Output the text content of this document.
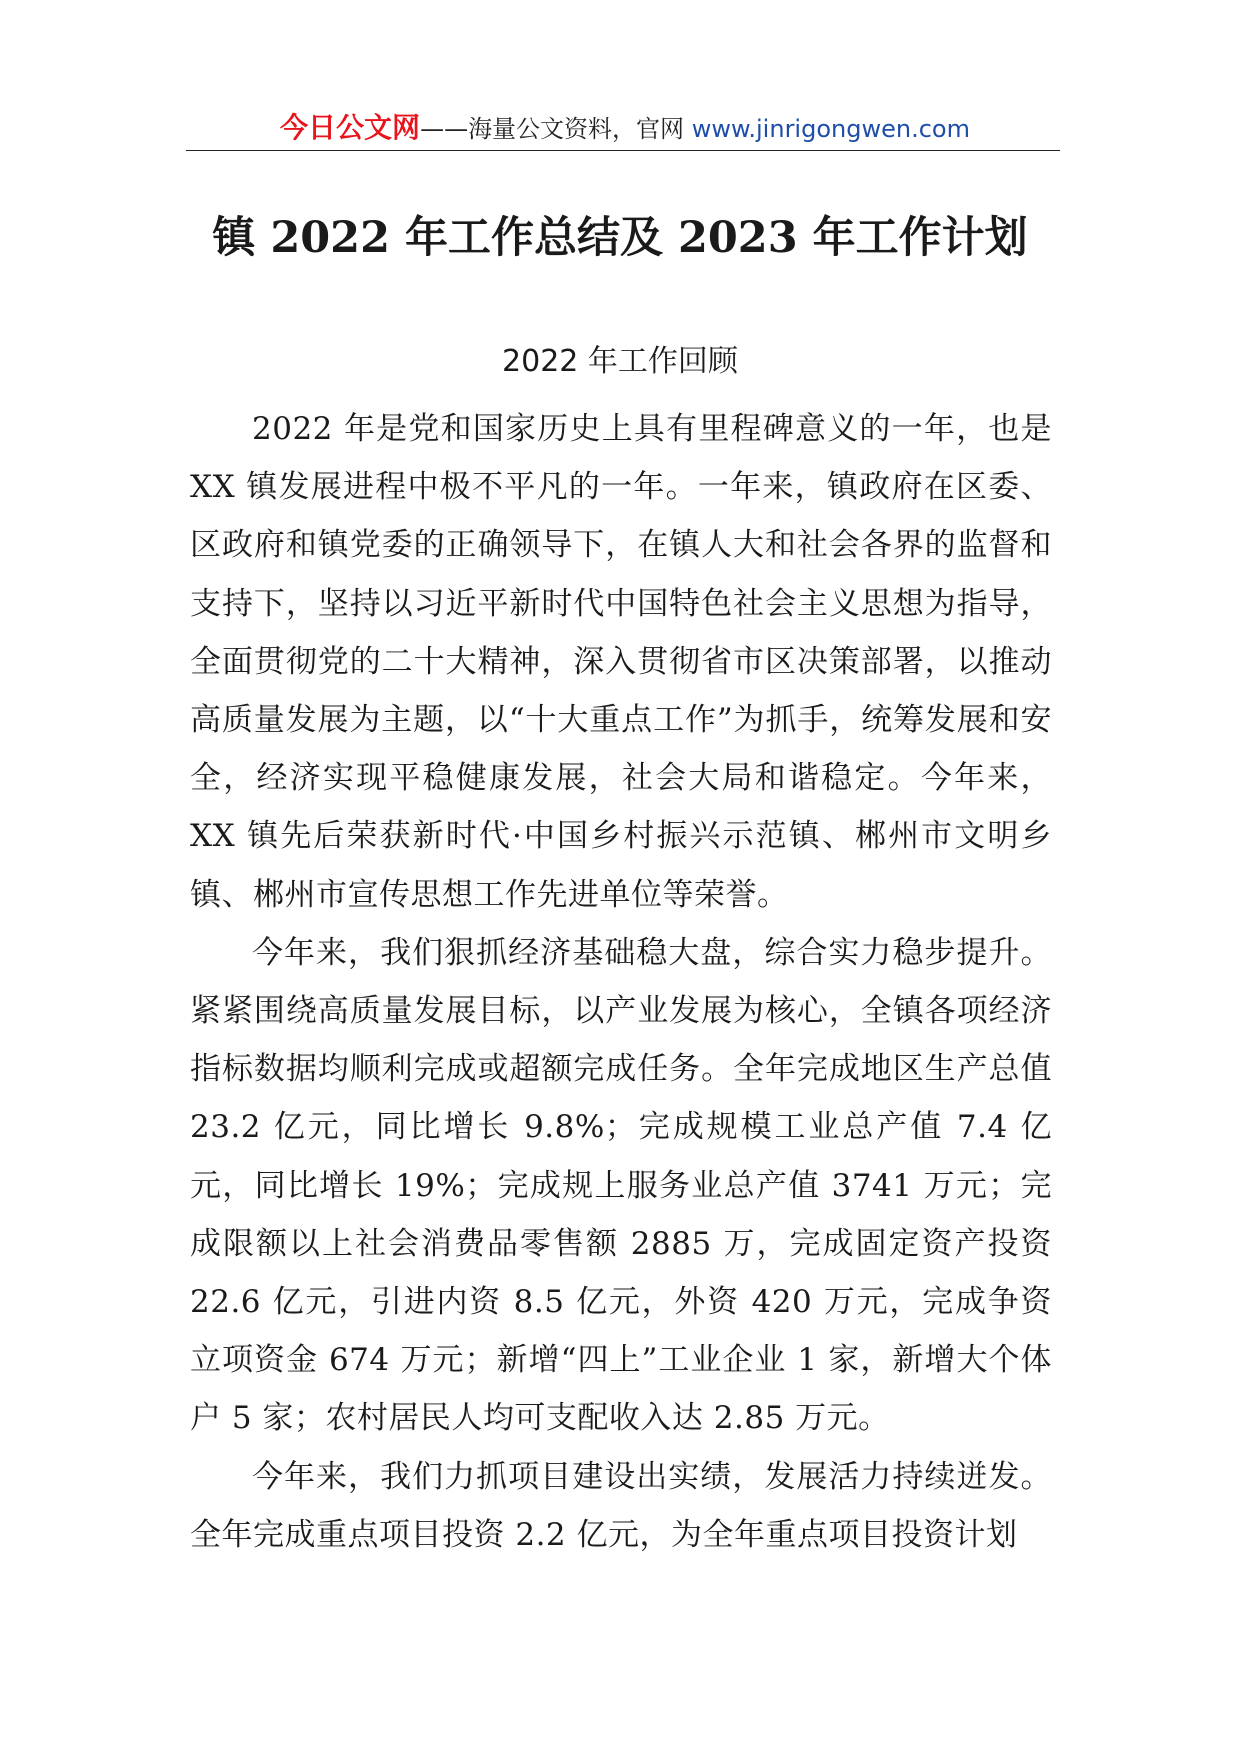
今日公文网——海量公文资料，官网 www.jinrigongwen.com
镇 2022 年工作总结及 2023 年工作计划
2022 年工作回顾

2022 年是党和国家历史上具有里程碑意义的一年，也是XX 镇发展进程中极不平凡的一年。一年来，镇政府在区委、区政府和镇党委的正确领导下，在镇人大和社会各界的监督和支持下，坚持以习近平新时代中国特色社会主义思想为指导，全面贯彻党的二十大精神，深入贯彻省市区决策部署，以推动高质量发展为主题，以“十大重点工作”为抓手，统筹发展和安全，经济实现平稳健康发展，社会大局和谐稳定。今年来，XX 镇先后荣获新时代·中国乡村振兴示范镇、郴州市文明乡镇、郴州市宣传思想工作先进单位等荣誉。

今年来，我们狠抓经济基础稳大盘，综合实力稳步提升。紧紧围绕高质量发展目标，以产业发展为核心，全镇各项经济指标数据均顺利完成或超额完成任务。全年完成地区生产总值 23.2 亿元，同比增长 9.8%；完成规模工业总产值 7.4 亿元，同比增长 19%；完成规上服务业总产值 3741 万元；完成限额以上社会消费品零售额 2885 万，完成固定资产投资 22.6 亿元，引进内资 8.5 亿元，外资 420 万元，完成争资立项资金 674 万元；新增“四上”工业企业 1 家，新增大个体户 5 家；农村居民人均可支配收入达 2.85 万元。

今年来，我们力抓项目建设出实绩，发展活力持续迸发。全年完成重点项目投资 2.2 亿元，为全年重点项目投资计划
